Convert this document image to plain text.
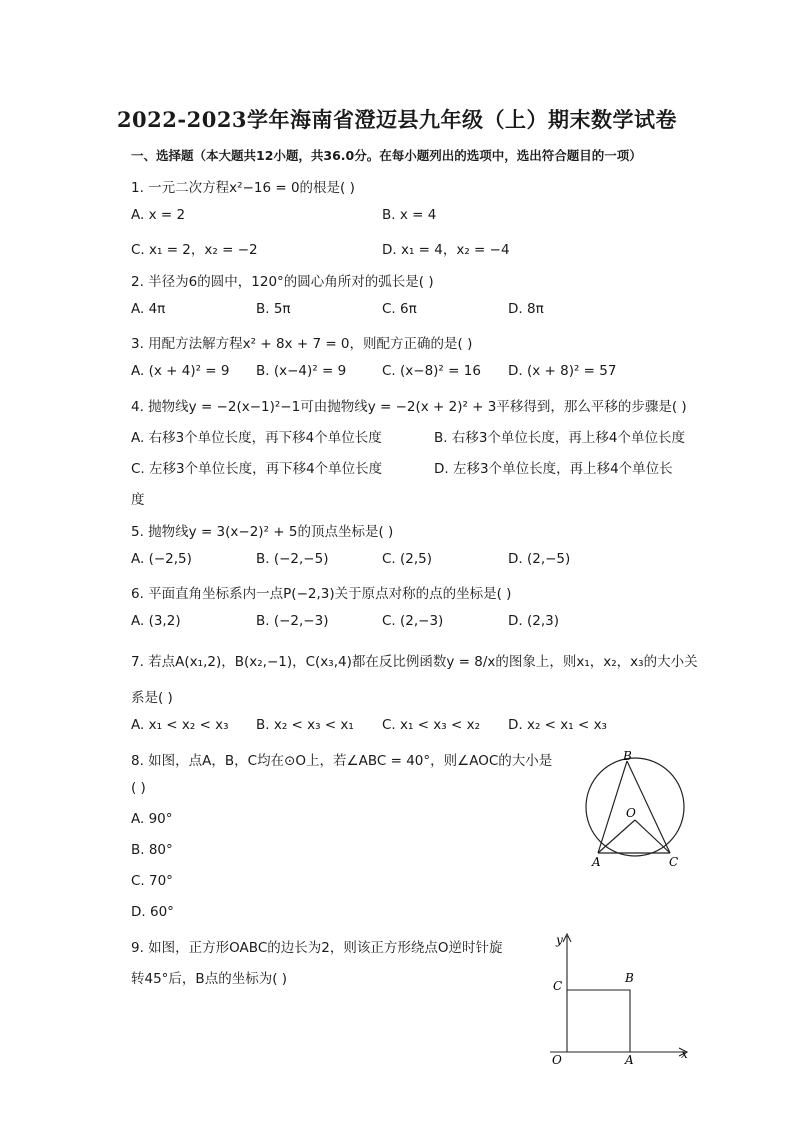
2022-2023学年海南省澄迈县九年级（上）期末数学试卷
一、选择题（本大题共12小题，共36.0分。在每小题列出的选项中，选出符合题目的一项）
1. 一元二次方程x²−16 = 0的根是( )
A. x = 2	B. x = 4
C. x₁ = 2，x₂ = −2	D. x₁ = 4，x₂ = −4
2. 半径为6的圆中，120°的圆心角所对的弧长是( )
A. 4π	B. 5π	C. 6π	D. 8π
3. 用配方法解方程x² + 8x + 7 = 0，则配方正确的是( )
A. (x + 4)² = 9 B. (x−4)² = 9	C. (x−8)² = 16 D. (x + 8)² = 57
4. 抛物线y = −2(x−1)²−1可由抛物线y = −2(x + 2)² + 3平移得到，那么平移的步骤是( )
A. 右移3个单位长度，再下移4个单位长度	B. 右移3个单位长度，再上移4个单位长度
C. 左移3个单位长度，再下移4个单位长度	D. 左移3个单位长度，再上移4个单位长
度
5. 抛物线y = 3(x−2)² + 5的顶点坐标是( )
A. (−2,5)	B. (−2,−5)	C. (2,5)	D. (2,−5)
6. 平面直角坐标系内一点P(−2,3)关于原点对称的点的坐标是( )
A. (3,2)	B. (−2,−3)	C. (2,−3)	D. (2,3)
7. 若点A(x₁,2)，B(x₂,−1)，C(x₃,4)都在反比例函数y = 8/x的图象上，则x₁，x₂，x₃的大小关
系是( )
A. x₁ < x₂ < x₃ B. x₂ < x₃ < x₁ C. x₁ < x₃ < x₂ D. x₂ < x₁ < x₃
8. 如图，点A，B，C均在⊙O上，若∠ABC = 40°，则∠AOC的大小是
( )
A. 90°
B. 80°
C. 70°
D. 60°
B
O
A	C
9. 如图，正方形OABC的边长为2，则该正方形绕点O逆时针旋
转45°后，B点的坐标为( )
y
x
O	A
B
C
